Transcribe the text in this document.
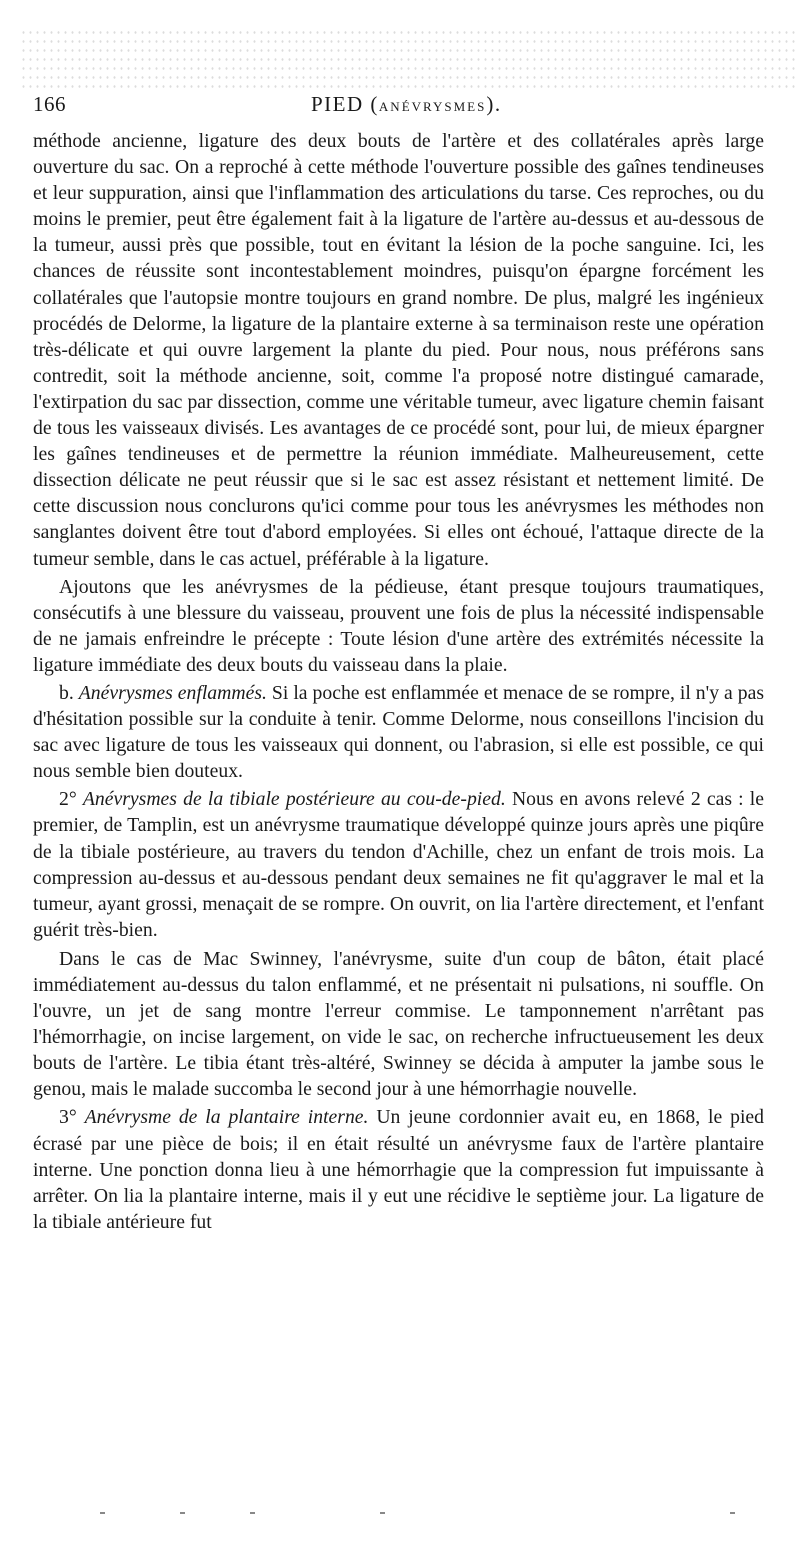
166	PIED (ANÉVRYSMES).

méthode ancienne, ligature des deux bouts de l'artère et des collatérales après large ouverture du sac. On a reproché à cette méthode l'ouverture possible des gaînes tendineuses et leur suppuration, ainsi que l'inflammation des articulations du tarse. Ces reproches, ou du moins le premier, peut être également fait à la ligature de l'artère au-dessus et au-dessous de la tumeur, aussi près que possible, tout en évitant la lésion de la poche sanguine. Ici, les chances de réussite sont incontestablement moindres, puisqu'on épargne forcément les collatérales que l'autopsie montre toujours en grand nombre. De plus, malgré les ingénieux procédés de Delorme, la ligature de la plantaire externe à sa terminaison reste une opération très-délicate et qui ouvre largement la plante du pied. Pour nous, nous préférons sans contredit, soit la méthode ancienne, soit, comme l'a proposé notre distingué camarade, l'extirpation du sac par dissection, comme une véritable tumeur, avec ligature chemin faisant de tous les vaisseaux divisés. Les avantages de ce procédé sont, pour lui, de mieux épargner les gaînes tendineuses et de permettre la réunion immédiate. Malheureusement, cette dissection délicate ne peut réussir que si le sac est assez résistant et nettement limité. De cette discussion nous conclurons qu'ici comme pour tous les anévrysmes les méthodes non sanglantes doivent être tout d'abord employées. Si elles ont échoué, l'attaque directe de la tumeur semble, dans le cas actuel, préférable à la ligature.

Ajoutons que les anévrysmes de la pédieuse, étant presque toujours traumatiques, consécutifs à une blessure du vaisseau, prouvent une fois de plus la nécessité indispensable de ne jamais enfreindre le précepte : Toute lésion d'une artère des extrémités nécessite la ligature immédiate des deux bouts du vaisseau dans la plaie.

b. Anévrysmes enflammés. Si la poche est enflammée et menace de se rompre, il n'y a pas d'hésitation possible sur la conduite à tenir. Comme Delorme, nous conseillons l'incision du sac avec ligature de tous les vaisseaux qui donnent, ou l'abrasion, si elle est possible, ce qui nous semble bien douteux.

2° Anévrysmes de la tibiale postérieure au cou-de-pied. Nous en avons relevé 2 cas : le premier, de Tamplin, est un anévrysme traumatique développé quinze jours après une piqûre de la tibiale postérieure, au travers du tendon d'Achille, chez un enfant de trois mois. La compression au-dessus et au-dessous pendant deux semaines ne fit qu'aggraver le mal et la tumeur, ayant grossi, menaçait de se rompre. On ouvrit, on lia l'artère directement, et l'enfant guérit très-bien.

Dans le cas de Mac Swinney, l'anévrysme, suite d'un coup de bâton, était placé immédiatement au-dessus du talon enflammé, et ne présentait ni pulsations, ni souffle. On l'ouvre, un jet de sang montre l'erreur commise. Le tamponnement n'arrêtant pas l'hémorrhagie, on incise largement, on vide le sac, on recherche infructueusement les deux bouts de l'artère. Le tibia étant très-altéré, Swinney se décida à amputer la jambe sous le genou, mais le malade succomba le second jour à une hémorrhagie nouvelle.

3° Anévrysme de la plantaire interne. Un jeune cordonnier avait eu, en 1868, le pied écrasé par une pièce de bois; il en était résulté un anévrysme faux de l'artère plantaire interne. Une ponction donna lieu à une hémorrhagie que la compression fut impuissante à arrêter. On lia la plantaire interne, mais il y eut une récidive le septième jour. La ligature de la tibiale antérieure fut
